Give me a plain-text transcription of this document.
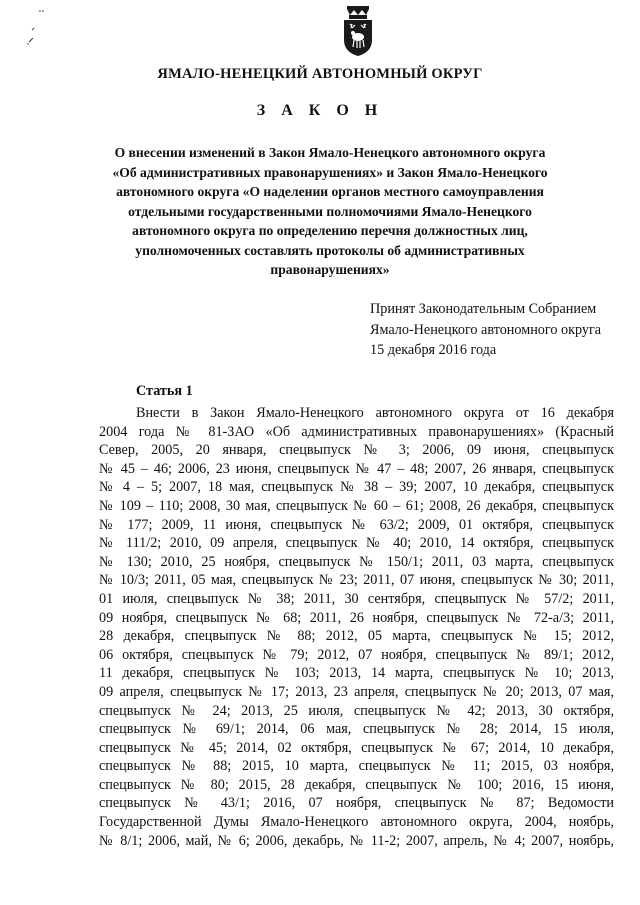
ЯМАЛО-НЕНЕЦКИЙ АВТОНОМНЫЙ ОКРУГ
З А К О Н
О внесении изменений в Закон Ямало-Ненецкого автономного округа
«Об административных правонарушениях» и Закон Ямало-Ненецкого
автономного округа «О наделении органов местного самоуправления
отдельными государственными полномочиями Ямало-Ненецкого
автономного округа по определению перечня должностных лиц,
уполномоченных составлять протоколы об административных
правонарушениях»
Принят Законодательным Собранием
Ямало-Ненецкого автономного округа
15 декабря 2016 года
Статья 1
Внести в Закон Ямало-Ненецкого автономного округа от 16 декабря
2004 года № 81-ЗАО «Об административных правонарушениях» (Красный
Север, 2005, 20 января, спецвыпуск № 3; 2006, 09 июня, спецвыпуск
№ 45 – 46; 2006, 23 июня, спецвыпуск № 47 – 48; 2007, 26 января, спецвыпуск
№ 4 – 5; 2007, 18 мая, спецвыпуск № 38 – 39; 2007, 10 декабря, спецвыпуск
№ 109 – 110; 2008, 30 мая, спецвыпуск № 60 – 61; 2008, 26 декабря, спецвыпуск
№ 177; 2009, 11 июня, спецвыпуск № 63/2; 2009, 01 октября, спецвыпуск
№ 111/2; 2010, 09 апреля, спецвыпуск № 40; 2010, 14 октября, спецвыпуск
№ 130; 2010, 25 ноября, спецвыпуск № 150/1; 2011, 03 марта, спецвыпуск
№ 10/3; 2011, 05 мая, спецвыпуск № 23; 2011, 07 июня, спецвыпуск № 30; 2011,
01 июля, спецвыпуск № 38; 2011, 30 сентября, спецвыпуск № 57/2; 2011,
09 ноября, спецвыпуск № 68; 2011, 26 ноября, спецвыпуск № 72-а/3; 2011,
28 декабря, спецвыпуск № 88; 2012, 05 марта, спецвыпуск № 15; 2012,
06 октября, спецвыпуск № 79; 2012, 07 ноября, спецвыпуск № 89/1; 2012,
11 декабря, спецвыпуск № 103; 2013, 14 марта, спецвыпуск № 10; 2013,
09 апреля, спецвыпуск № 17; 2013, 23 апреля, спецвыпуск № 20; 2013, 07 мая,
спецвыпуск № 24; 2013, 25 июля, спецвыпуск № 42; 2013, 30 октября,
спецвыпуск № 69/1; 2014, 06 мая, спецвыпуск № 28; 2014, 15 июля,
спецвыпуск № 45; 2014, 02 октября, спецвыпуск № 67; 2014, 10 декабря,
спецвыпуск № 88; 2015, 10 марта, спецвыпуск № 11; 2015, 03 ноября,
спецвыпуск № 80; 2015, 28 декабря, спецвыпуск № 100; 2016, 15 июня,
спецвыпуск № 43/1; 2016, 07 ноября, спецвыпуск № 87; Ведомости
Государственной Думы Ямало-Ненецкого автономного округа, 2004, ноябрь,
№ 8/1; 2006, май, № 6; 2006, декабрь, № 11-2; 2007, апрель, № 4; 2007, ноябрь,
